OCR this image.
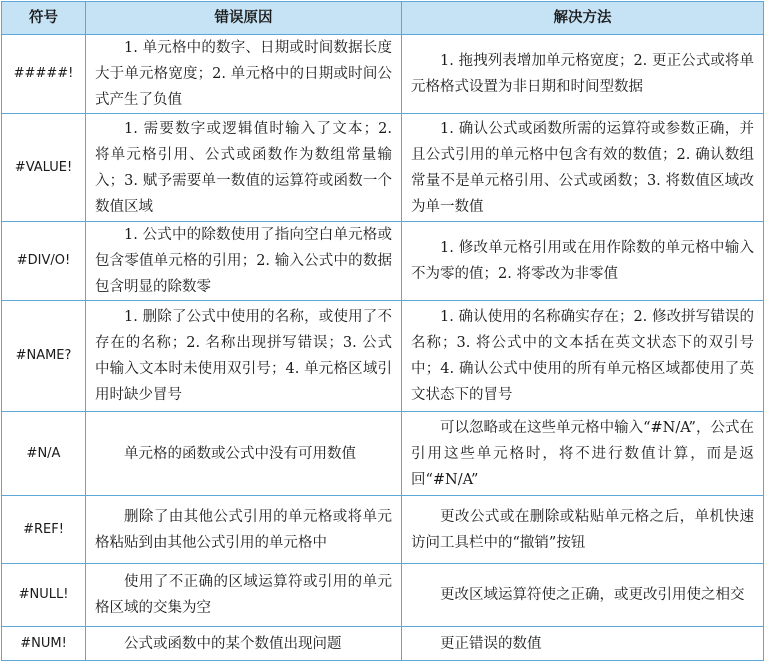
符号	错误原因	解决方法
#####!	1. 单元格中的数字、日期或时间数据长度大于单元格宽度；2. 单元格中的日期或时间公式产生了负值	1. 拖拽列表增加单元格宽度；2. 更正公式或将单元格格式设置为非日期和时间型数据
#VALUE!	1. 需要数字或逻辑值时输入了文本；2. 将单元格引用、公式或函数作为数组常量输入；3. 赋予需要单一数值的运算符或函数一个数值区域	1. 确认公式或函数所需的运算符或参数正确，并且公式引用的单元格中包含有效的数值；2. 确认数组常量不是单元格引用、公式或函数；3. 将数值区域改为单一数值
#DIV/O!	1. 公式中的除数使用了指向空白单元格或包含零值单元格的引用；2. 输入公式中的数据包含明显的除数零	1. 修改单元格引用或在用作除数的单元格中输入不为零的值；2. 将零改为非零值
#NAME?	1. 删除了公式中使用的名称，或使用了不存在的名称；2. 名称出现拼写错误；3. 公式中输入文本时未使用双引号；4. 单元格区域引用时缺少冒号	1. 确认使用的名称确实存在；2. 修改拼写错误的名称；3. 将公式中的文本括在英文状态下的双引号中；4. 确认公式中使用的所有单元格区域都使用了英文状态下的冒号
#N/A	单元格的函数或公式中没有可用数值	可以忽略或在这些单元格中输入“#N/A”，公式在引用这些单元格时，将不进行数值计算，而是返回“#N/A”
#REF!	删除了由其他公式引用的单元格或将单元格粘贴到由其他公式引用的单元格中	更改公式或在删除或粘贴单元格之后，单机快速访问工具栏中的“撤销”按钮
#NULL!	使用了不正确的区域运算符或引用的单元格区域的交集为空	更改区域运算符使之正确，或更改引用使之相交
#NUM!	公式或函数中的某个数值出现问题	更正错误的数值
